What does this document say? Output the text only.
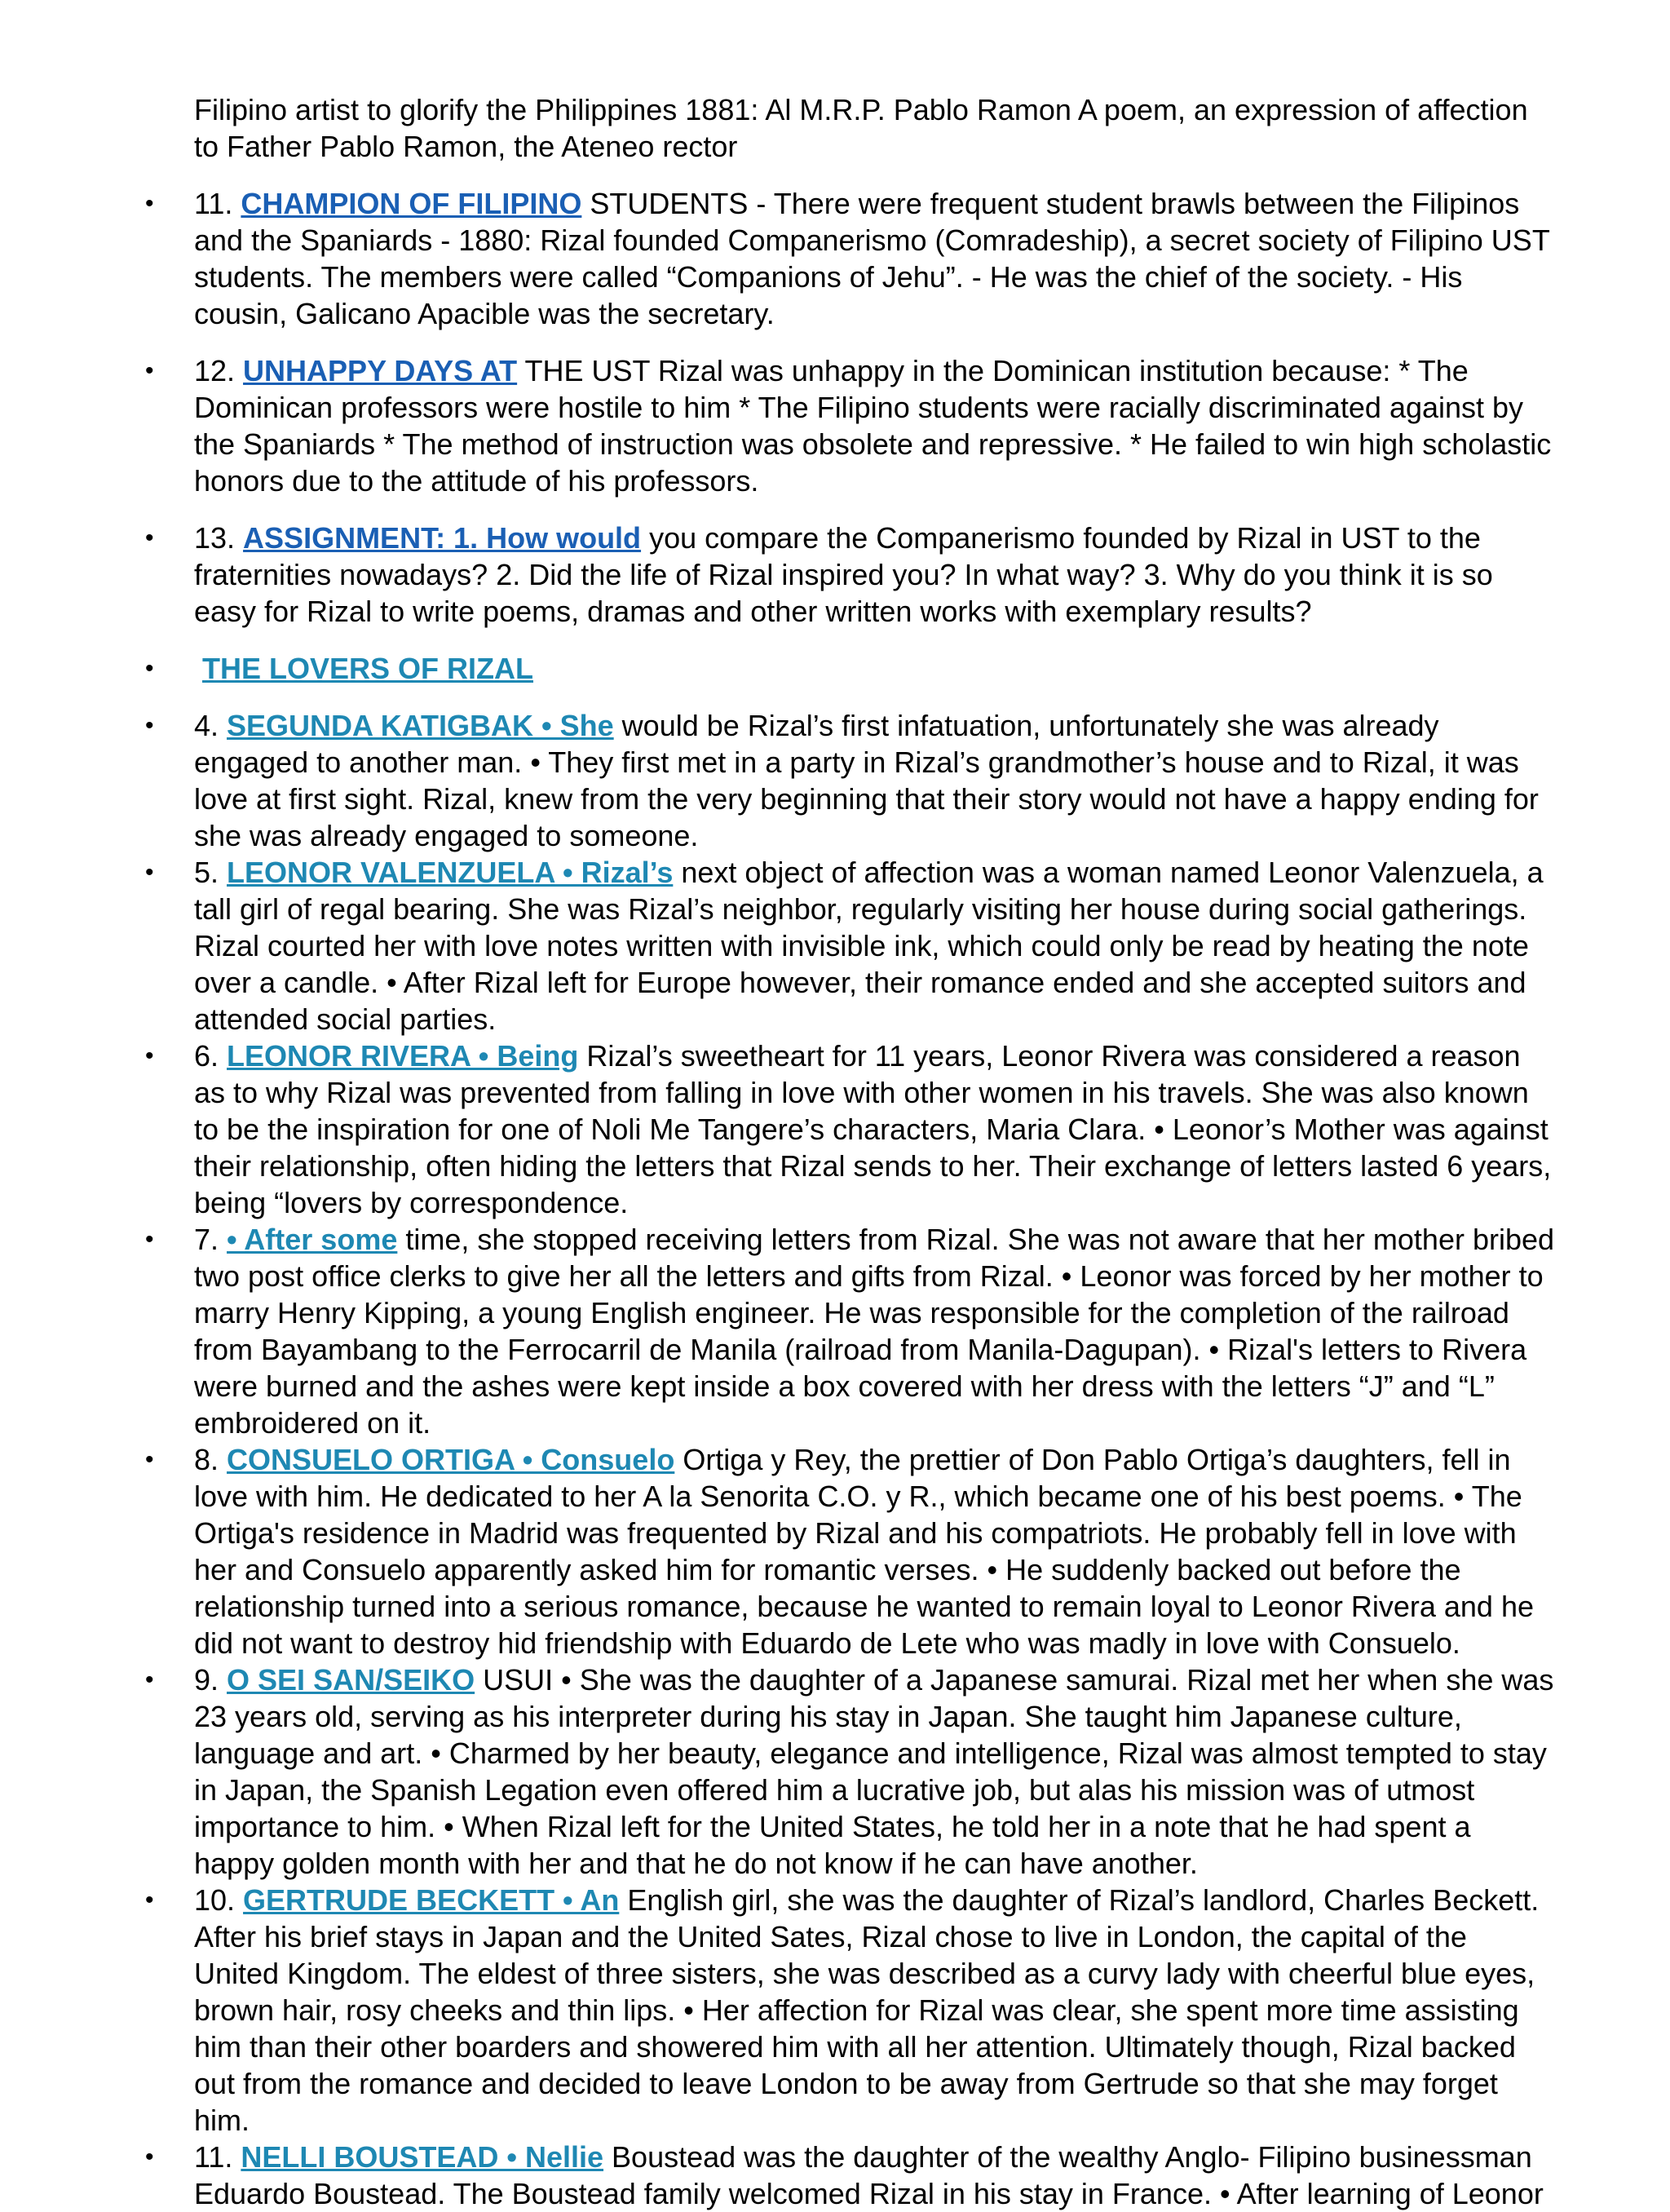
Filipino artist to glorify the Philippines 1881: Al M.R.P. Pablo Ramon A poem, an expression of affection to Father Pablo Ramon, the Ateneo rector

• 11. CHAMPION OF FILIPINO STUDENTS - There were frequent student brawls between the Filipinos and the Spaniards - 1880: Rizal founded Companerismo (Comradeship), a secret society of Filipino UST students. The members were called “Companions of Jehu”. - He was the chief of the society. - His cousin, Galicano Apacible was the secretary.
• 12. UNHAPPY DAYS AT THE UST Rizal was unhappy in the Dominican institution because: * The Dominican professors were hostile to him * The Filipino students were racially discriminated against by the Spaniards * The method of instruction was obsolete and repressive. * He failed to win high scholastic honors due to the attitude of his professors.
• 13. ASSIGNMENT: 1. How would you compare the Companerismo founded by Rizal in UST to the fraternities nowadays? 2. Did the life of Rizal inspired you? In what way? 3. Why do you think it is so easy for Rizal to write poems, dramas and other written works with exemplary results?
• THE LOVERS OF RIZAL
• 4. SEGUNDA KATIGBAK • She would be Rizal’s first infatuation, unfortunately she was already engaged to another man. • They first met in a party in Rizal’s grandmother’s house and to Rizal, it was love at first sight. Rizal, knew from the very beginning that their story would not have a happy ending for she was already engaged to someone.
• 5. LEONOR VALENZUELA • Rizal’s next object of affection was a woman named Leonor Valenzuela, a tall girl of regal bearing. She was Rizal’s neighbor, regularly visiting her house during social gatherings. Rizal courted her with love notes written with invisible ink, which could only be read by heating the note over a candle. • After Rizal left for Europe however, their romance ended and she accepted suitors and attended social parties.
• 6. LEONOR RIVERA • Being Rizal’s sweetheart for 11 years, Leonor Rivera was considered a reason as to why Rizal was prevented from falling in love with other women in his travels. She was also known to be the inspiration for one of Noli Me Tangere’s characters, Maria Clara. • Leonor’s Mother was against their relationship, often hiding the letters that Rizal sends to her. Their exchange of letters lasted 6 years, being “lovers by correspondence.
• 7. • After some time, she stopped receiving letters from Rizal. She was not aware that her mother bribed two post office clerks to give her all the letters and gifts from Rizal. • Leonor was forced by her mother to marry Henry Kipping, a young English engineer. He was responsible for the completion of the railroad from Bayambang to the Ferrocarril de Manila (railroad from Manila-Dagupan). • Rizal's letters to Rivera were burned and the ashes were kept inside a box covered with her dress with the letters “J” and “L” embroidered on it.
• 8. CONSUELO ORTIGA • Consuelo Ortiga y Rey, the prettier of Don Pablo Ortiga’s daughters, fell in love with him. He dedicated to her A la Senorita C.O. y R., which became one of his best poems. • The Ortiga's residence in Madrid was frequented by Rizal and his compatriots. He probably fell in love with her and Consuelo apparently asked him for romantic verses. • He suddenly backed out before the relationship turned into a serious romance, because he wanted to remain loyal to Leonor Rivera and he did not want to destroy hid friendship with Eduardo de Lete who was madly in love with Consuelo.
• 9. O SEI SAN/SEIKO USUI • She was the daughter of a Japanese samurai. Rizal met her when she was 23 years old, serving as his interpreter during his stay in Japan. She taught him Japanese culture, language and art. • Charmed by her beauty, elegance and intelligence, Rizal was almost tempted to stay in Japan, the Spanish Legation even offered him a lucrative job, but alas his mission was of utmost importance to him. • When Rizal left for the United States, he told her in a note that he had spent a happy golden month with her and that he do not know if he can have another.
• 10. GERTRUDE BECKETT • An English girl, she was the daughter of Rizal’s landlord, Charles Beckett. After his brief stays in Japan and the United Sates, Rizal chose to live in London, the capital of the United Kingdom. The eldest of three sisters, she was described as a curvy lady with cheerful blue eyes, brown hair, rosy cheeks and thin lips. • Her affection for Rizal was clear, she spent more time assisting him than their other boarders and showered him with all her attention. Ultimately though, Rizal backed out from the romance and decided to leave London to be away from Gertrude so that she may forget him.
• 11. NELLI BOUSTEAD • Nellie Boustead was the daughter of the wealthy Anglo- Filipino businessman Eduardo Boustead. The Boustead family welcomed Rizal in his stay in France. • After learning of Leonor
